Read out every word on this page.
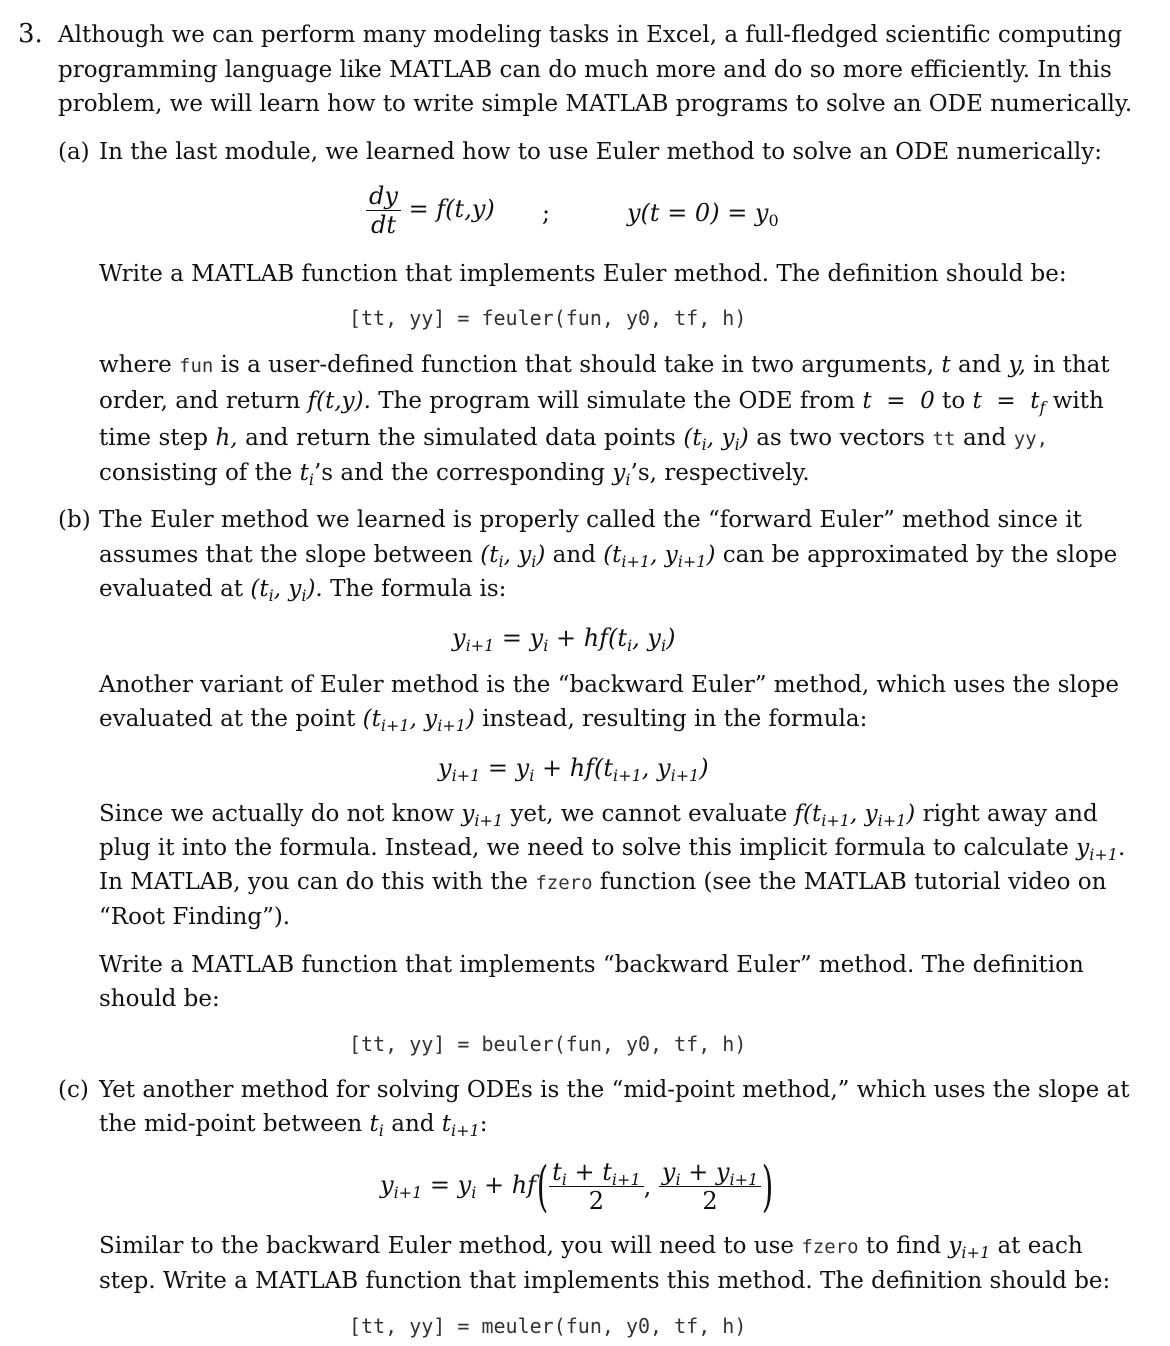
3. Although we can perform many modeling tasks in Excel, a full-fledged scientific computing
programming language like MATLAB can do much more and do so more efficiently. In this
problem, we will learn how to write simple MATLAB programs to solve an ODE numerically.
(a) In the last module, we learned how to use Euler method to solve an ODE numerically:
$\frac{dy}{dt} = f(t,y)$ ;	$y(t = 0) = y_0$
Write a MATLAB function that implements Euler method. The definition should be:
[tt, yy] = feuler(fun, y0, tf, h)
where fun is a user-defined function that should take in two arguments, t and y, in that
order, and return f(t,y). The program will simulate the ODE from t  =  0 to $t = t_f$ with
time step h, and return the simulated data points ($t_i$, $y_i$) as two vectors tt and yy,
consisting of the $t_i’s$ and the corresponding $y_i’s$, respectively.
(b) The Euler method we learned is properly called the “forward Euler” method since it
assumes that the slope between ($t_i$, $y_i$) and ($t_{i+1}$, $y_{i+1}$) can be approximated by the slope
evaluated at ($t_i$, $y_i$). The formula is:
$y_{i+1} = y_i + hf(t_i$, $y_i$)
Another variant of Euler method is the “backward Euler” method, which uses the slope
evaluated at the point ($t_{i+1}$, $y_{i+1}$) instead, resulting in the formula:
$y_{i+1} = y_i + hf(t_{i+1}$, $y_{i+1}$)
Since we actually do not know $y_{i+1}$ yet, we cannot evaluate $f(t_{i+1}$, $y_{i+1}$) right away and
plug it into the formula. Instead, we need to solve this implicit formula to calculate $y_{i+1}$.
In MATLAB, you can do this with the fzero function (see the MATLAB tutorial video on
“Root Finding”).
Write a MATLAB function that implements “backward Euler” method. The definition
should be:
[tt, yy] = beuler(fun, y0, tf, h)
(c) Yet another method for solving ODEs is the “mid-point method,” which uses the slope at
the mid-point between $t_i$ and $t_{i+1}$:
$y_{i+1} = y_i + hf( \frac{t_i + t_{i+1}}{2}$ , $\frac{y_i + y_{i+1}}{2}$ )
Similar to the backward Euler method, you will need to use fzero to find $y_{i+1}$ at each
step. Write a MATLAB function that implements this method. The definition should be:
[tt, yy] = meuler(fun, y0, tf, h)
